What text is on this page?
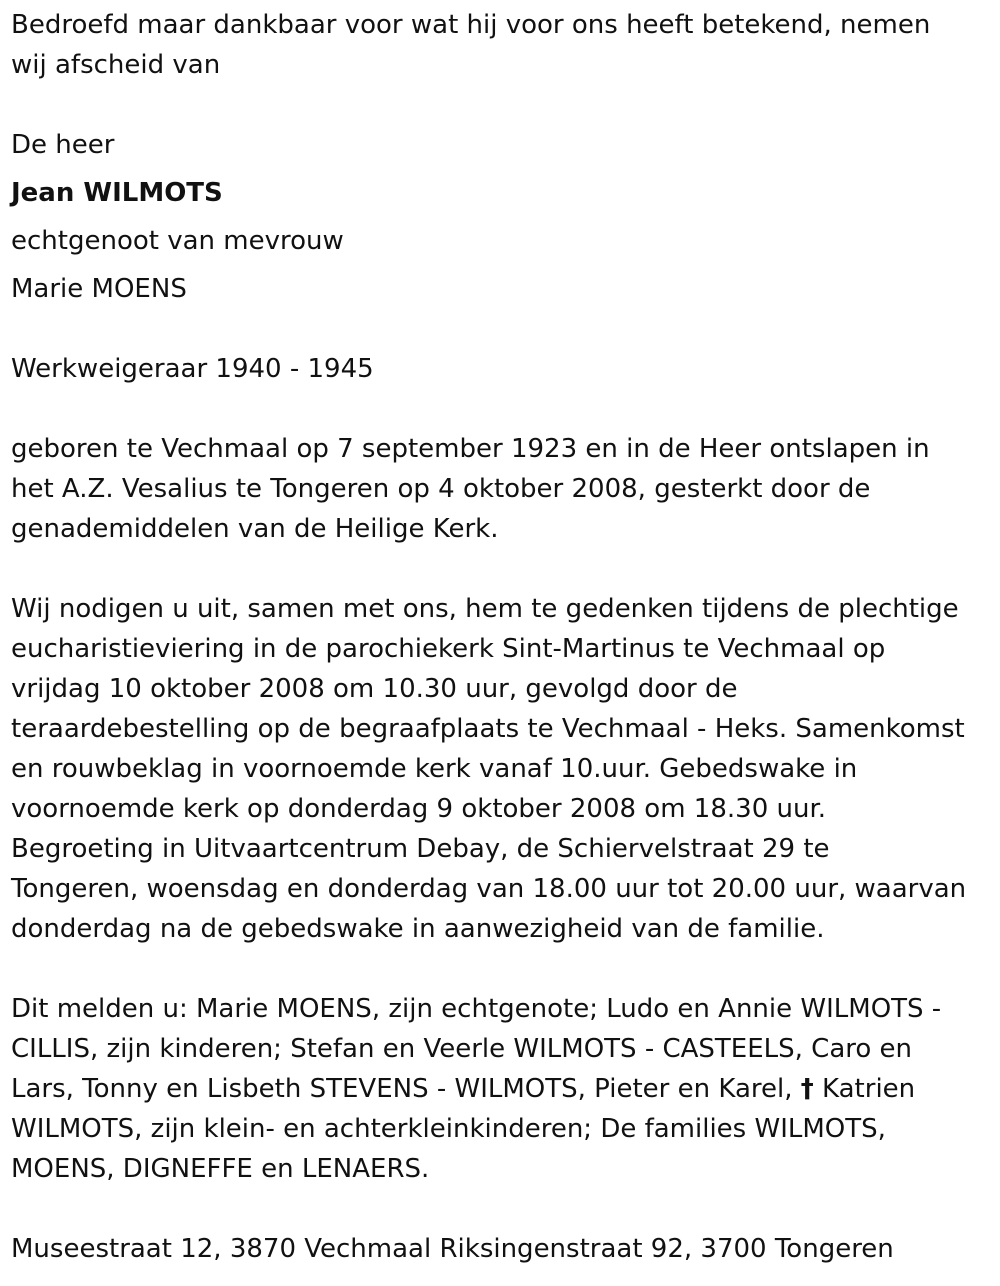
Bedroefd maar dankbaar voor wat hij voor ons heeft betekend, nemen

wij afscheid van

De heer

Jean WILMOTS

echtgenoot van mevrouw

Marie MOENS

Werkweigeraar 1940 - 1945

geboren te Vechmaal op 7 september 1923 en in de Heer ontslapen in

het A.Z. Vesalius te Tongeren op 4 oktober 2008, gesterkt door de

genademiddelen van de Heilige Kerk.

Wij nodigen u uit, samen met ons, hem te gedenken tijdens de plechtige

eucharistieviering in de parochiekerk Sint-Martinus te Vechmaal op

vrijdag 10 oktober 2008 om 10.30 uur, gevolgd door de

teraardebestelling op de begraafplaats te Vechmaal - Heks. Samenkomst

en rouwbeklag in voornoemde kerk vanaf 10.uur. Gebedswake in

voornoemde kerk op donderdag 9 oktober 2008 om 18.30 uur.

Begroeting in Uitvaartcentrum Debay, de Schiervelstraat 29 te

Tongeren, woensdag en donderdag van 18.00 uur tot 20.00 uur, waarvan

donderdag na de gebedswake in aanwezigheid van de familie.

Dit melden u: Marie MOENS, zijn echtgenote; Ludo en Annie WILMOTS -

CILLIS, zijn kinderen; Stefan en Veerle WILMOTS - CASTEELS, Caro en

Lars, Tonny en Lisbeth STEVENS - WILMOTS, Pieter en Karel, † Katrien

WILMOTS, zijn klein- en achterkleinkinderen; De families WILMOTS,

MOENS, DIGNEFFE en LENAERS.

Museestraat 12, 3870 Vechmaal Riksingenstraat 92, 3700 Tongeren
